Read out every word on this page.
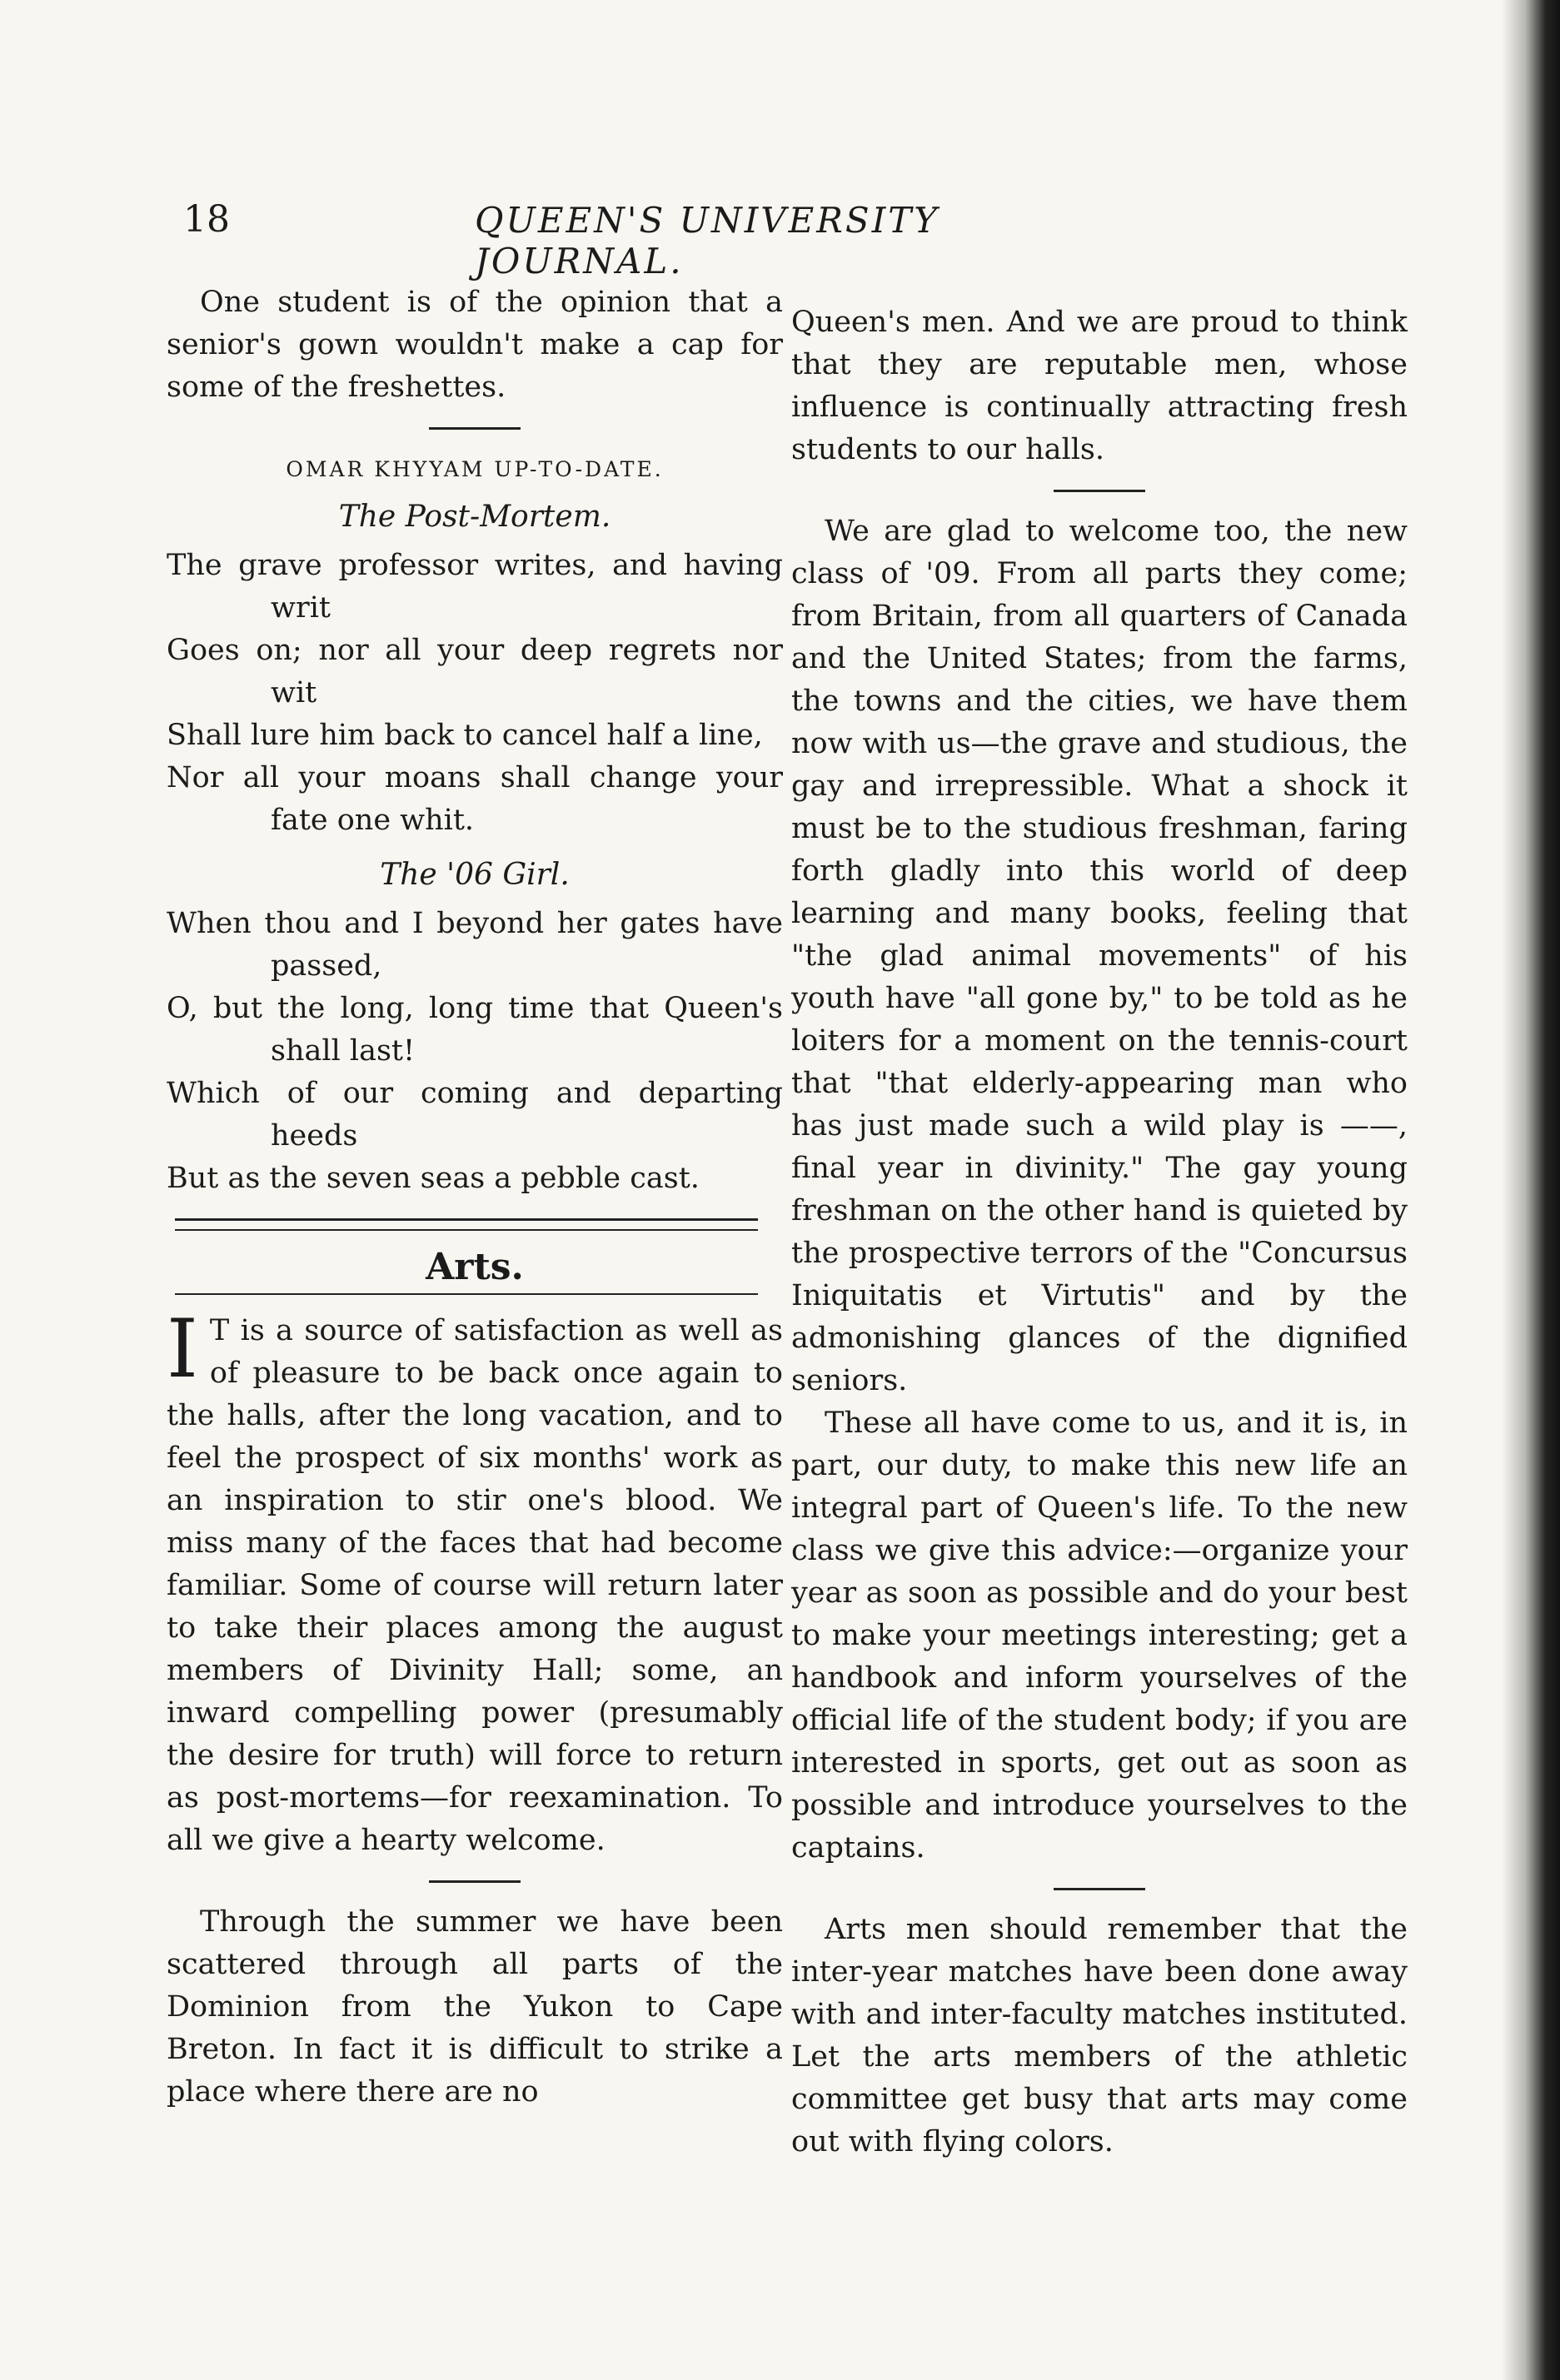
18	QUEEN'S UNIVERSITY JOURNAL.

One student is of the opinion that a senior's gown wouldn't make a cap for some of the freshettes.

OMAR KHYYAM UP-TO-DATE.
The Post-Mortem.
The grave professor writes, and having writ
Goes on; nor all your deep regrets nor wit
Shall lure him back to cancel half a line,
Nor all your moans shall change your fate one whit.
The '06 Girl.
When thou and I beyond her gates have passed,
O, but the long, long time that Queen's shall last!
Which of our coming and departing heeds
But as the seven seas a pebble cast.
Arts.
I T is a source of satisfaction as well as of pleasure to be back once again to the halls, after the long vacation, and to feel the prospect of six months' work as an inspiration to stir one's blood. We miss many of the faces that had become familiar. Some of course will return later to take their places among the august members of Divinity Hall; some, an inward compelling power (presumably the desire for truth) will force to return as post-mortems—for reexamination. To all we give a hearty welcome.

Through the summer we have been scattered through all parts of the Dominion from the Yukon to Cape Breton. In fact it is difficult to strike a place where there are no

Queen's men. And we are proud to think that they are reputable men, whose influence is continually attracting fresh students to our halls.

We are glad to welcome too, the new class of '09. From all parts they come; from Britain, from all quarters of Canada and the United States; from the farms, the towns and the cities, we have them now with us—the grave and studious, the gay and irrepressible. What a shock it must be to the studious freshman, faring forth gladly into this world of deep learning and many books, feeling that "the glad animal movements" of his youth have "all gone by," to be told as he loiters for a moment on the tennis-court that "that elderly-appearing man who has just made such a wild play is ——, final year in divinity." The gay young freshman on the other hand is quieted by the prospective terrors of the "Concursus Iniquitatis et Virtutis" and by the admonishing glances of the dignified seniors.

These all have come to us, and it is, in part, our duty, to make this new life an integral part of Queen's life. To the new class we give this advice:—organize your year as soon as possible and do your best to make your meetings interesting; get a handbook and inform yourselves of the official life of the student body; if you are interested in sports, get out as soon as possible and introduce yourselves to the captains.

Arts men should remember that the inter-year matches have been done away with and inter-faculty matches instituted. Let the arts members of the athletic committee get busy that arts may come out with flying colors.
